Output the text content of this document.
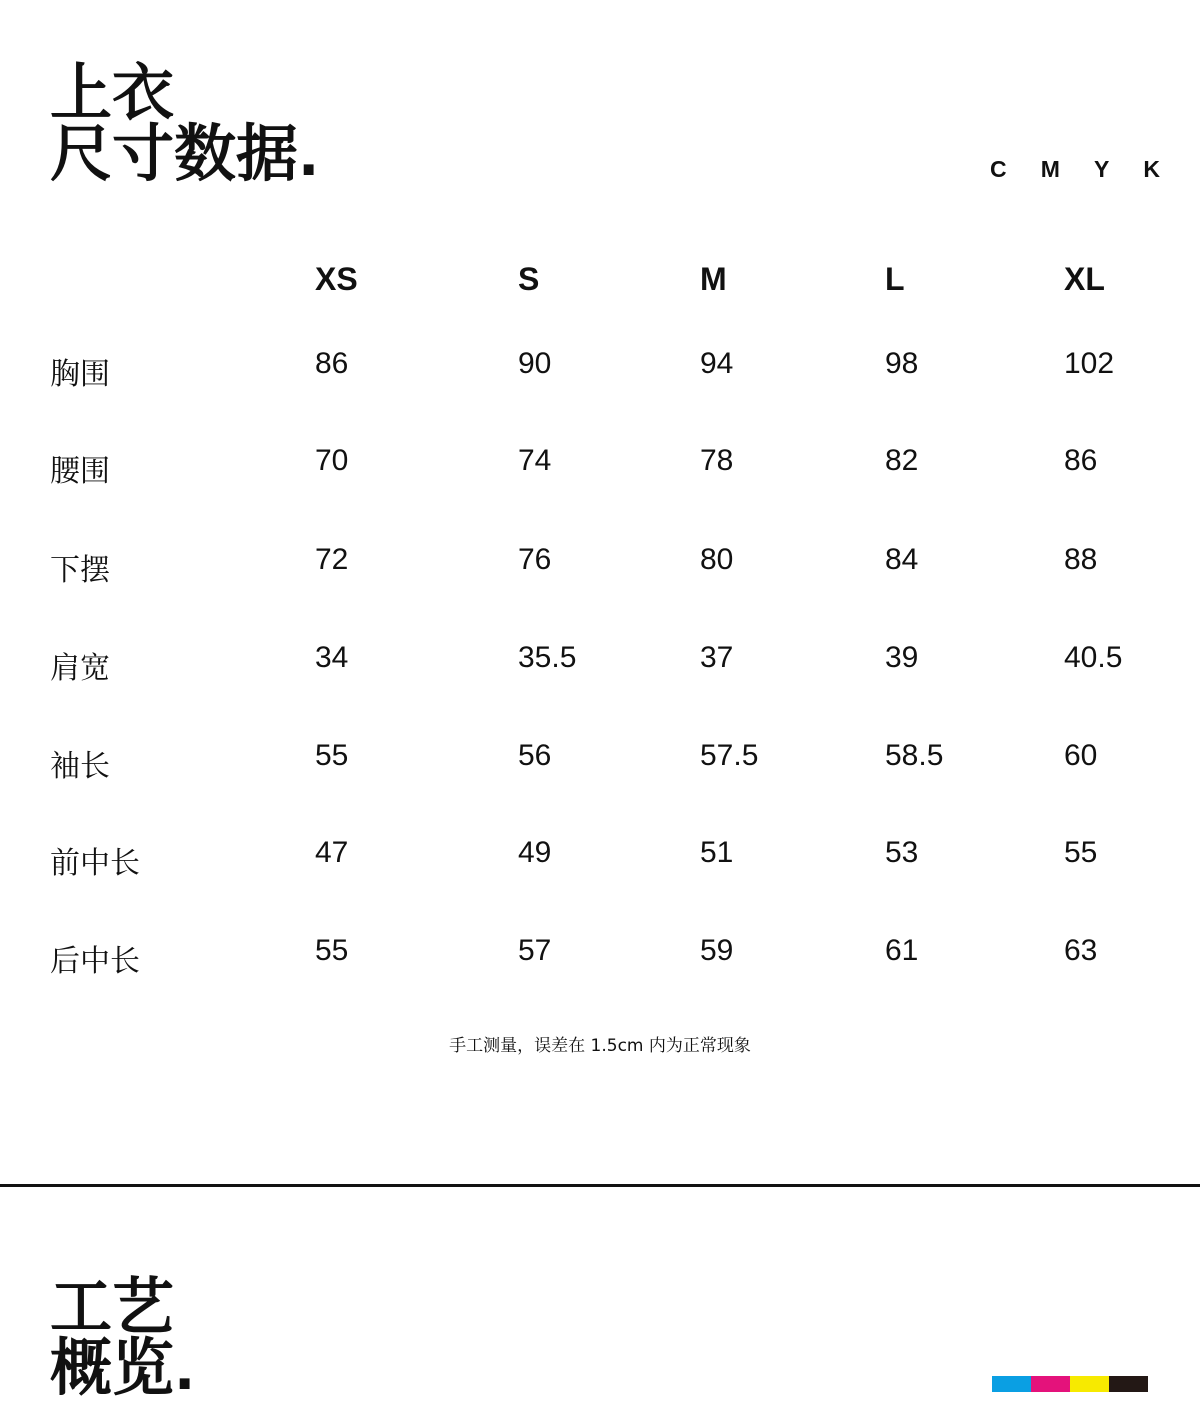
上衣
尺寸数据.	C M Y K
XS	S	M	L	XL
胸围	86	90	94	98	102
腰围	70	74	78	82	86
下摆	72	76	80	84	88
肩宽	34	35.5	37	39	40.5
袖长	55	56	57.5	58.5	60
前中长	47	49	51	53	55
后中长	55	57	59	61	63
手工测量，误差在 1.5cm 内为正常现象
工艺
概览.
